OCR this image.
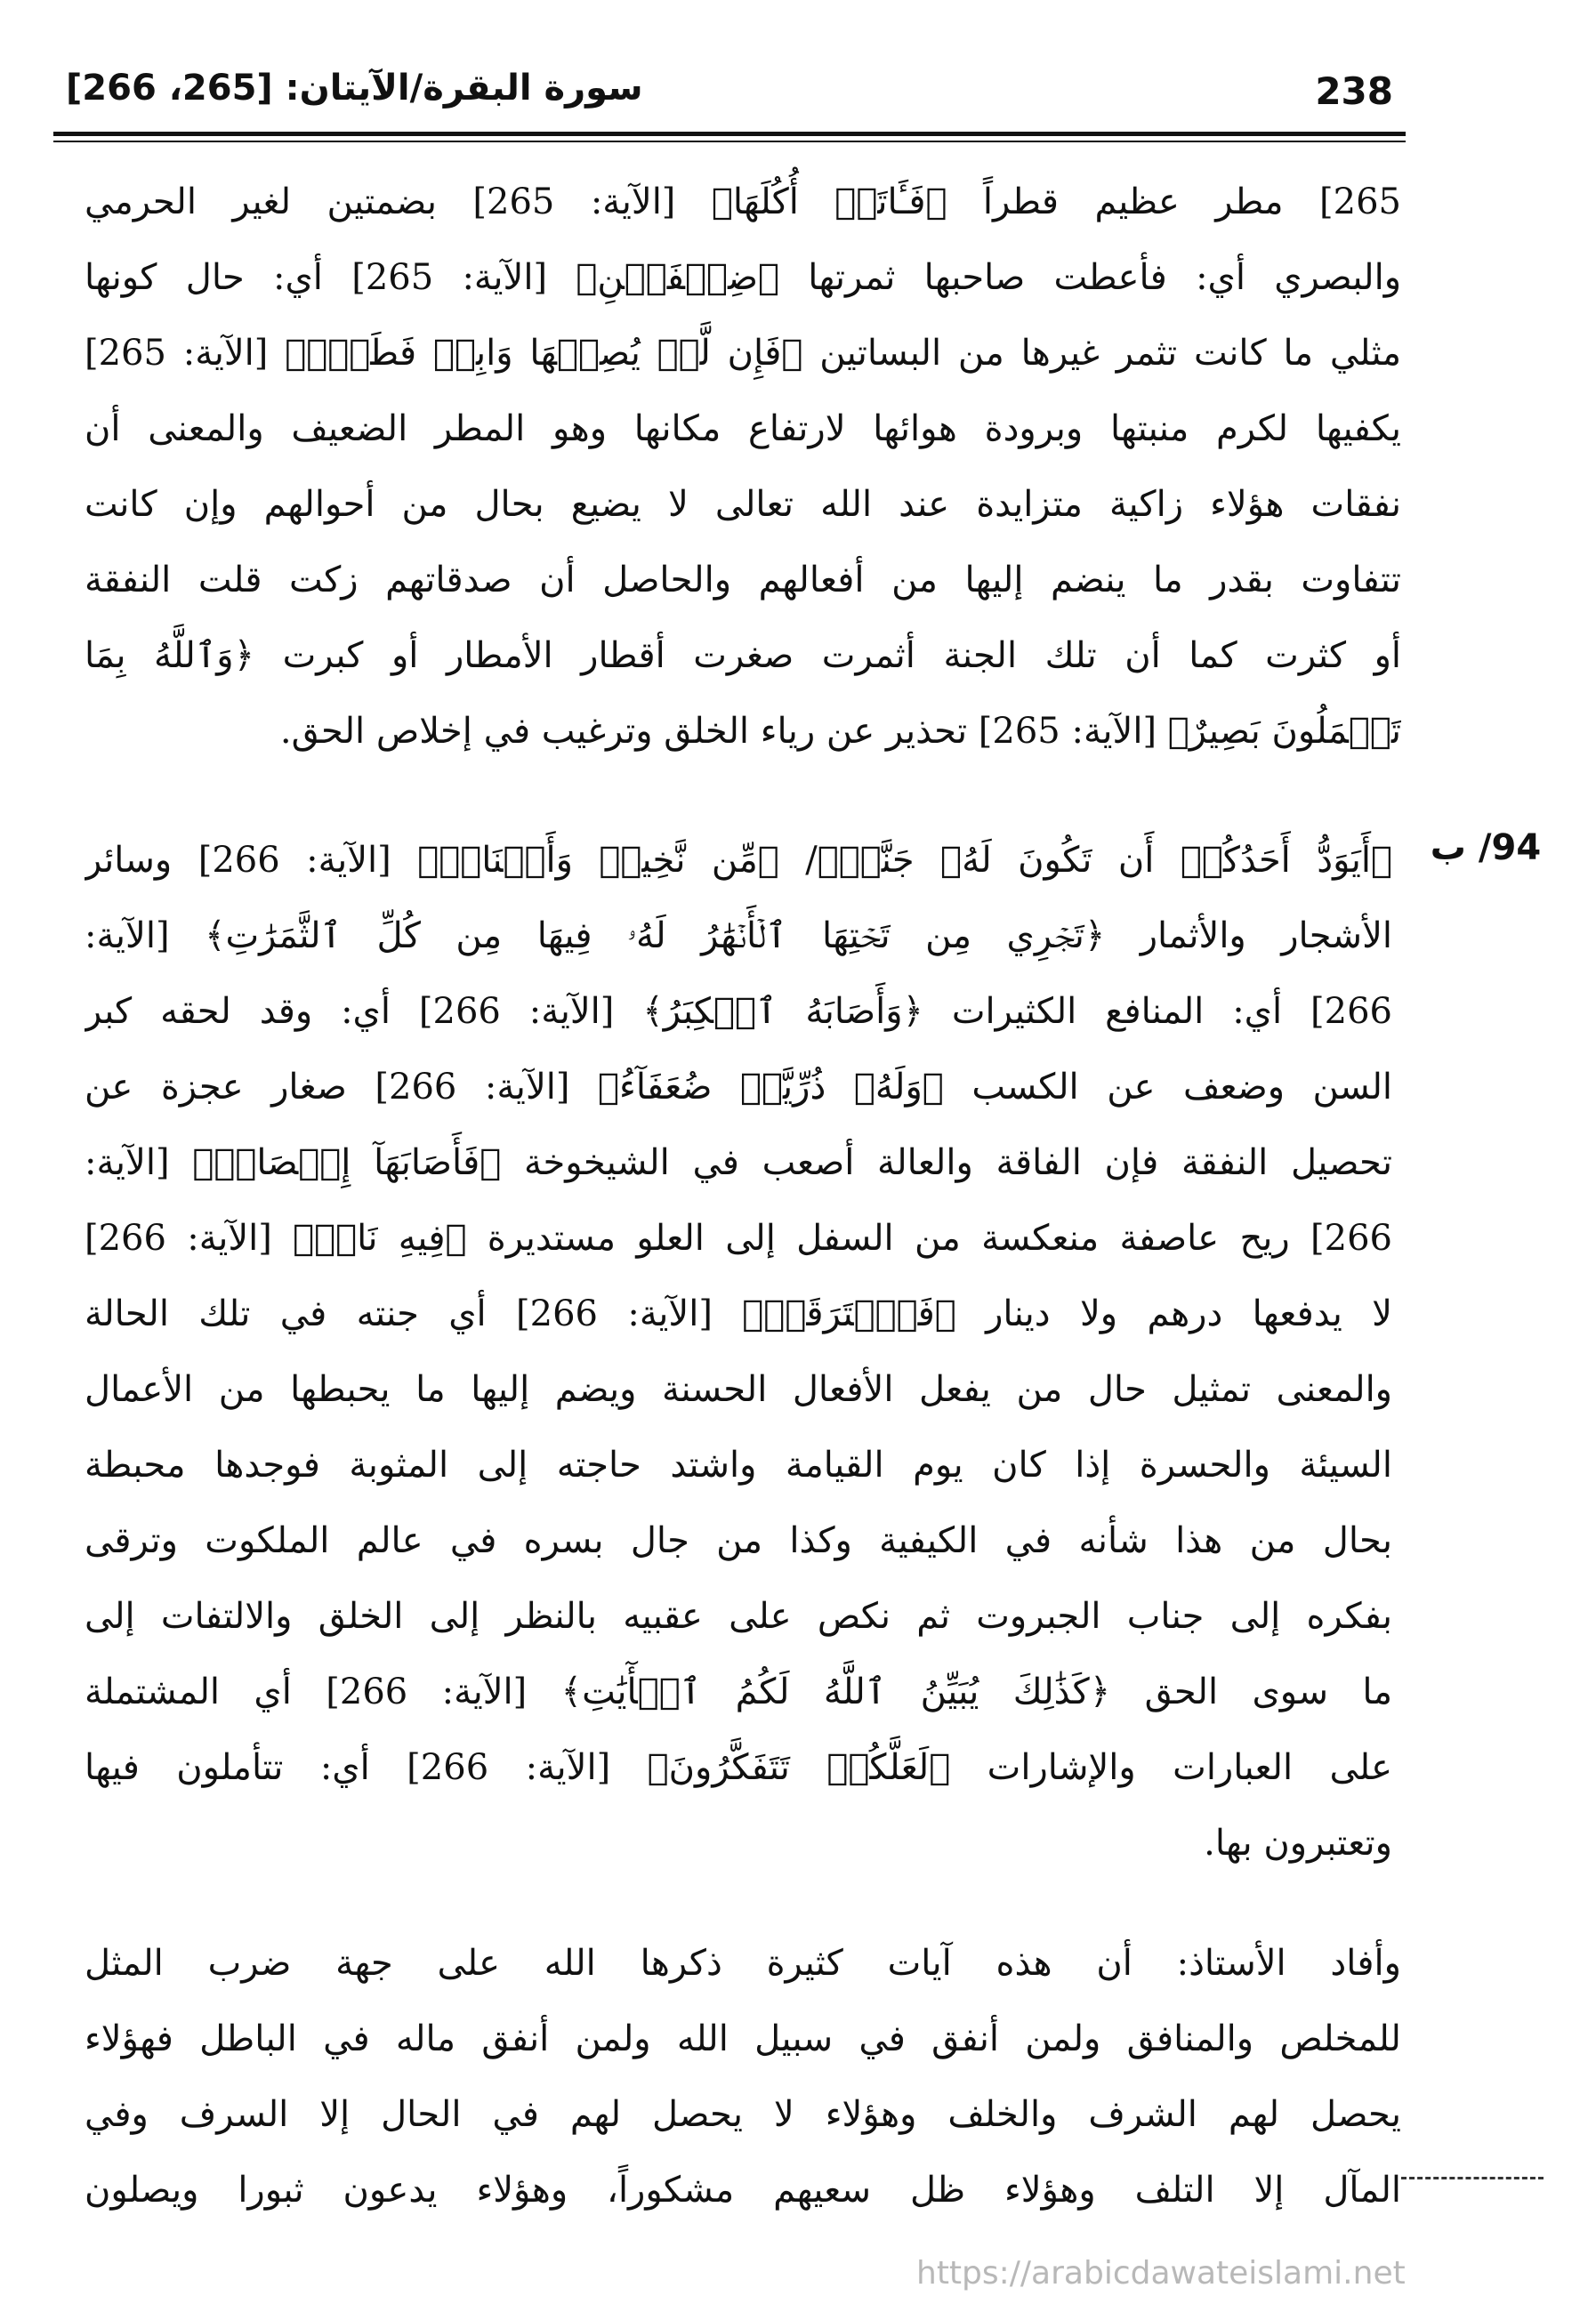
238
سورة البقرة/الآيتان: [265، 266]
265] مطر عظيم قطراً ﴿فَـَٔاتَتۡ أُكُلَهَا﴾ [الآية: 265] بضمتين لغير الحرمي
والبصري أي: فأعطت صاحبها ثمرتها ﴿ضِعۡفَيۡنِ﴾ [الآية: 265] أي: حال كونها
مثلي ما كانت تثمر غيرها من البساتين ﴿فَإِن لَّمۡ يُصِبۡهَا وَابِلٞ فَطَلّٞ﴾ [الآية: 265]
يكفيها لكرم منبتها وبرودة هوائها لارتفاع مكانها وهو المطر الضعيف والمعنى أن
نفقات هؤلاء زاكية متزايدة عند الله تعالى لا يضيع بحال من أحوالهم وإن كانت
تتفاوت بقدر ما ينضم إليها من أفعالهم والحاصل أن صدقاتهم زكت قلت النفقة
أو كثرت كما أن تلك الجنة أثمرت صغرت أقطار الأمطار أو كبرت ﴿وَٱللَّهُ بِمَا
تَعۡمَلُونَ بَصِيرٌ﴾ [الآية: 265] تحذير عن رياء الخلق وترغيب في إخلاص الحق.
94/ ب
﴿أَيَوَدُّ أَحَدُكُمۡ أَن تَكُونَ لَهُۥ جَنَّةٞ﴾/ ﴿مِّن نَّخِيلٖ وَأَعۡنَابٖ﴾ [الآية: 266] وسائر
الأشجار والأثمار ﴿تَجۡرِي مِن تَحۡتِهَا ٱلۡأَنۡهَٰرُ لَهُۥ فِيهَا مِن كُلِّ ٱلثَّمَرَٰتِ﴾ [الآية:
266] أي: المنافع الكثيرات ﴿وَأَصَابَهُ ٱلۡكِبَرُ﴾ [الآية: 266] أي: وقد لحقه كبر
السن وضعف عن الكسب ﴿وَلَهُۥ ذُرِّيَّةٞ ضُعَفَآءُ﴾ [الآية: 266] صغار عجزة عن
تحصيل النفقة فإن الفاقة والعالة أصعب في الشيخوخة ﴿فَأَصَابَهَآ إِعۡصَارٞ﴾ [الآية:
266] ريح عاصفة منعكسة من السفل إلى العلو مستديرة ﴿فِيهِ نَارٞ﴾ [الآية: 266]
لا يدفعها درهم ولا دينار ﴿فَٱحۡتَرَقَتۡ﴾ [الآية: 266] أي جنته في تلك الحالة
والمعنى تمثيل حال من يفعل الأفعال الحسنة ويضم إليها ما يحبطها من الأعمال
السيئة والحسرة إذا كان يوم القيامة واشتد حاجته إلى المثوبة فوجدها محبطة
بحال من هذا شأنه في الكيفية وكذا من جال بسره في عالم الملكوت وترقى
بفكره إلى جناب الجبروت ثم نكص على عقبيه بالنظر إلى الخلق والالتفات إلى
ما سوى الحق ﴿كَذَٰلِكَ يُبَيِّنُ ٱللَّهُ لَكُمُ ٱلۡأٓيَٰتِ﴾ [الآية: 266] أي المشتملة
على العبارات والإشارات ﴿لَعَلَّكُمۡ تَتَفَكَّرُونَ﴾ [الآية: 266] أي: تتأملون فيها
وتعتبرون بها.
وأفاد الأستاذ: أن هذه آيات كثيرة ذكرها الله على جهة ضرب المثل
للمخلص والمنافق ولمن أنفق في سبيل الله ولمن أنفق ماله في الباطل فهؤلاء
يحصل لهم الشرف والخلف وهؤلاء لا يحصل لهم في الحال إلا السرف وفي
المآل إلا التلف وهؤلاء ظل سعيهم مشكوراً، وهؤلاء يدعون ثبورا ويصلون
https://arabicdawateislami.net
